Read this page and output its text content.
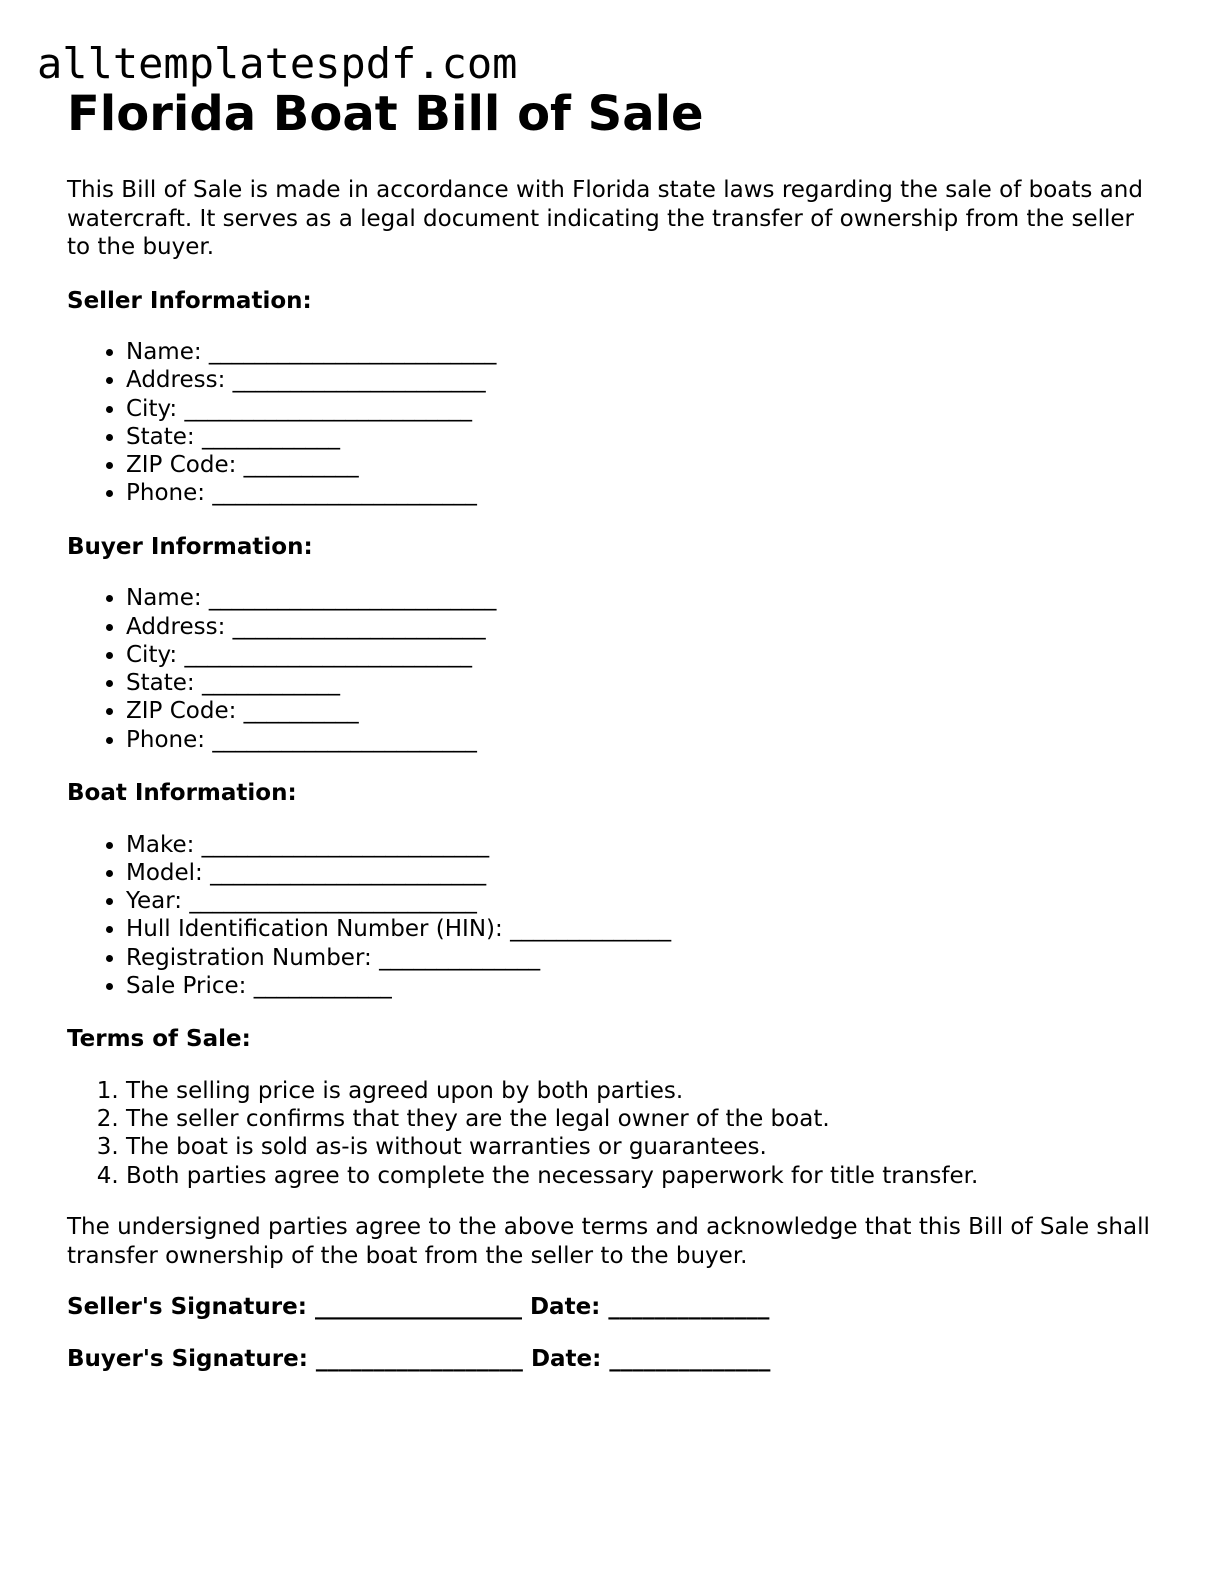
alltemplatespdf.com
Florida Boat Bill of Sale

This Bill of Sale is made in accordance with Florida state laws regarding the sale of boats and watercraft. It serves as a legal document indicating the transfer of ownership from the seller to the buyer.

Seller Information:
• Name: _________________________
• Address: ______________________
• City: _________________________
• State: ____________
• ZIP Code: __________
• Phone: _______________________
Buyer Information:
• Name: _________________________
• Address: ______________________
• City: _________________________
• State: ____________
• ZIP Code: __________
• Phone: _______________________
Boat Information:
• Make: _________________________
• Model: ________________________
• Year: _________________________
• Hull Identification Number (HIN): ______________
• Registration Number: ______________
• Sale Price: ____________
Terms of Sale:
1. The selling price is agreed upon by both parties.
2. The seller confirms that they are the legal owner of the boat.
3. The boat is sold as-is without warranties or guarantees.
4. Both parties agree to complete the necessary paperwork for title transfer.

The undersigned parties agree to the above terms and acknowledge that this Bill of Sale shall transfer ownership of the boat from the seller to the buyer.

Seller's Signature: __________________ Date: ______________
Buyer's Signature: __________________ Date: ______________
